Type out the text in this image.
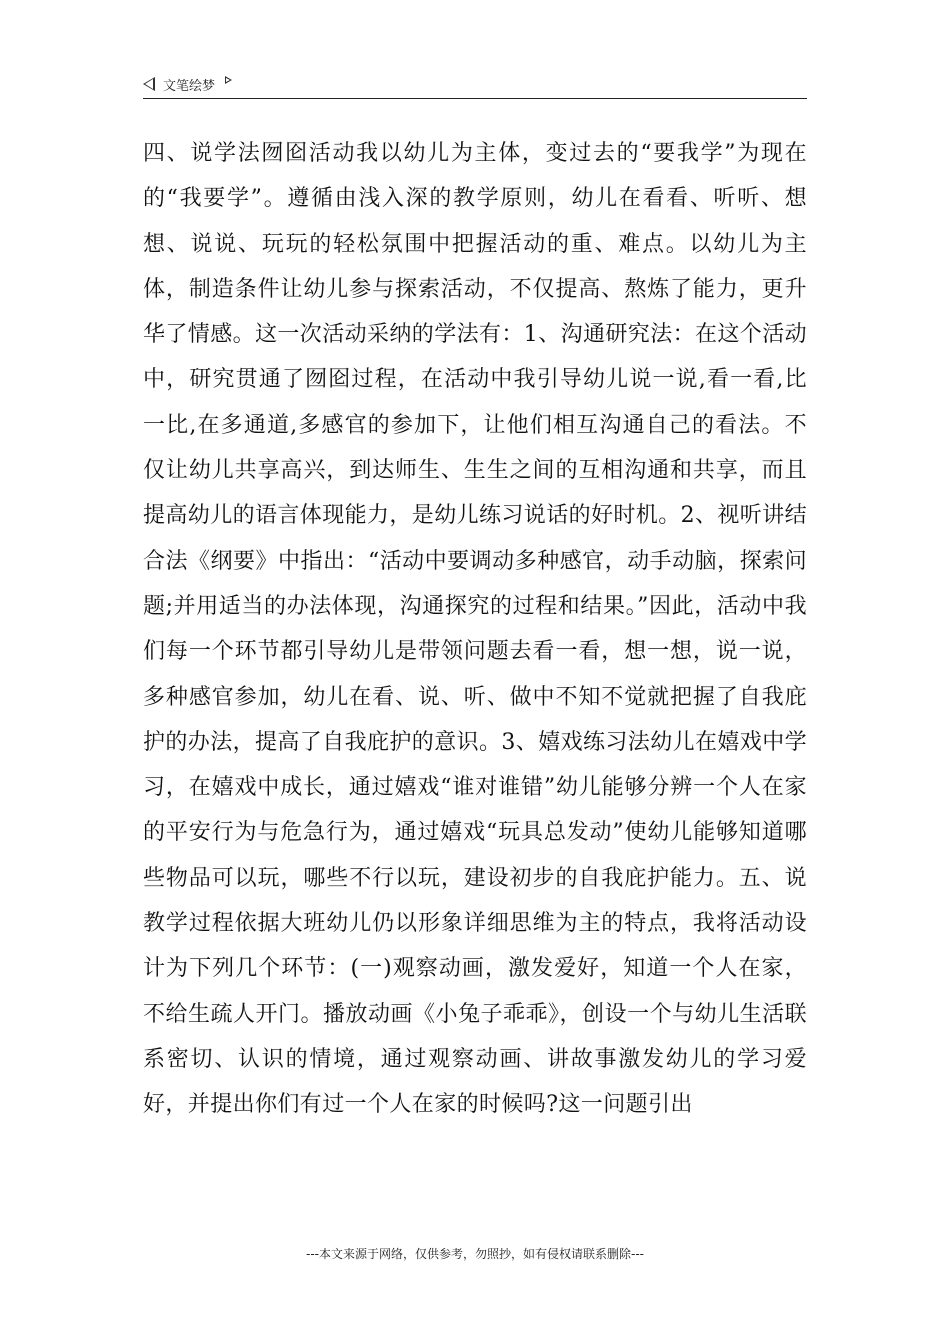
文笔绘梦

四、说学法囫囵活动我以幼儿为主体，变过去的“要我学”为现在的“我要学”。遵循由浅入深的教学原则，幼儿在看看、听听、想想、说说、玩玩的轻松氛围中把握活动的重、难点。以幼儿为主体，制造条件让幼儿参与探索活动，不仅提高、熬炼了能力，更升华了情感。这一次活动采纳的学法有：1、沟通研究法：在这个活动中，研究贯通了囫囵过程，在活动中我引导幼儿说一说,看一看,比一比,在多通道,多感官的参加下，让他们相互沟通自己的看法。不仅让幼儿共享高兴，到达师生、生生之间的互相沟通和共享，而且提高幼儿的语言体现能力，是幼儿练习说话的好时机。2、视听讲结合法《纲要》中指出：“活动中要调动多种感官，动手动脑，探索问题;并用适当的办法体现，沟通探究的过程和结果。”因此，活动中我们每一个环节都引导幼儿是带领问题去看一看，想一想，说一说，多种感官参加，幼儿在看、说、听、做中不知不觉就把握了自我庇护的办法，提高了自我庇护的意识。3、嬉戏练习法幼儿在嬉戏中学习，在嬉戏中成长，通过嬉戏“谁对谁错”幼儿能够分辨一个人在家的平安行为与危急行为，通过嬉戏“玩具总发动”使幼儿能够知道哪些物品可以玩，哪些不行以玩，建设初步的自我庇护能力。五、说教学过程依据大班幼儿仍以形象详细思维为主的特点，我将活动设计为下列几个环节：(一)观察动画，激发爱好，知道一个人在家，不给生疏人开门。播放动画《小兔子乖乖》，创设一个与幼儿生活联系密切、认识的情境，通过观察动画、讲故事激发幼儿的学习爱好，并提出你们有过一个人在家的时候吗?这一问题引出

---本文来源于网络，仅供参考，勿照抄，如有侵权请联系删除---
